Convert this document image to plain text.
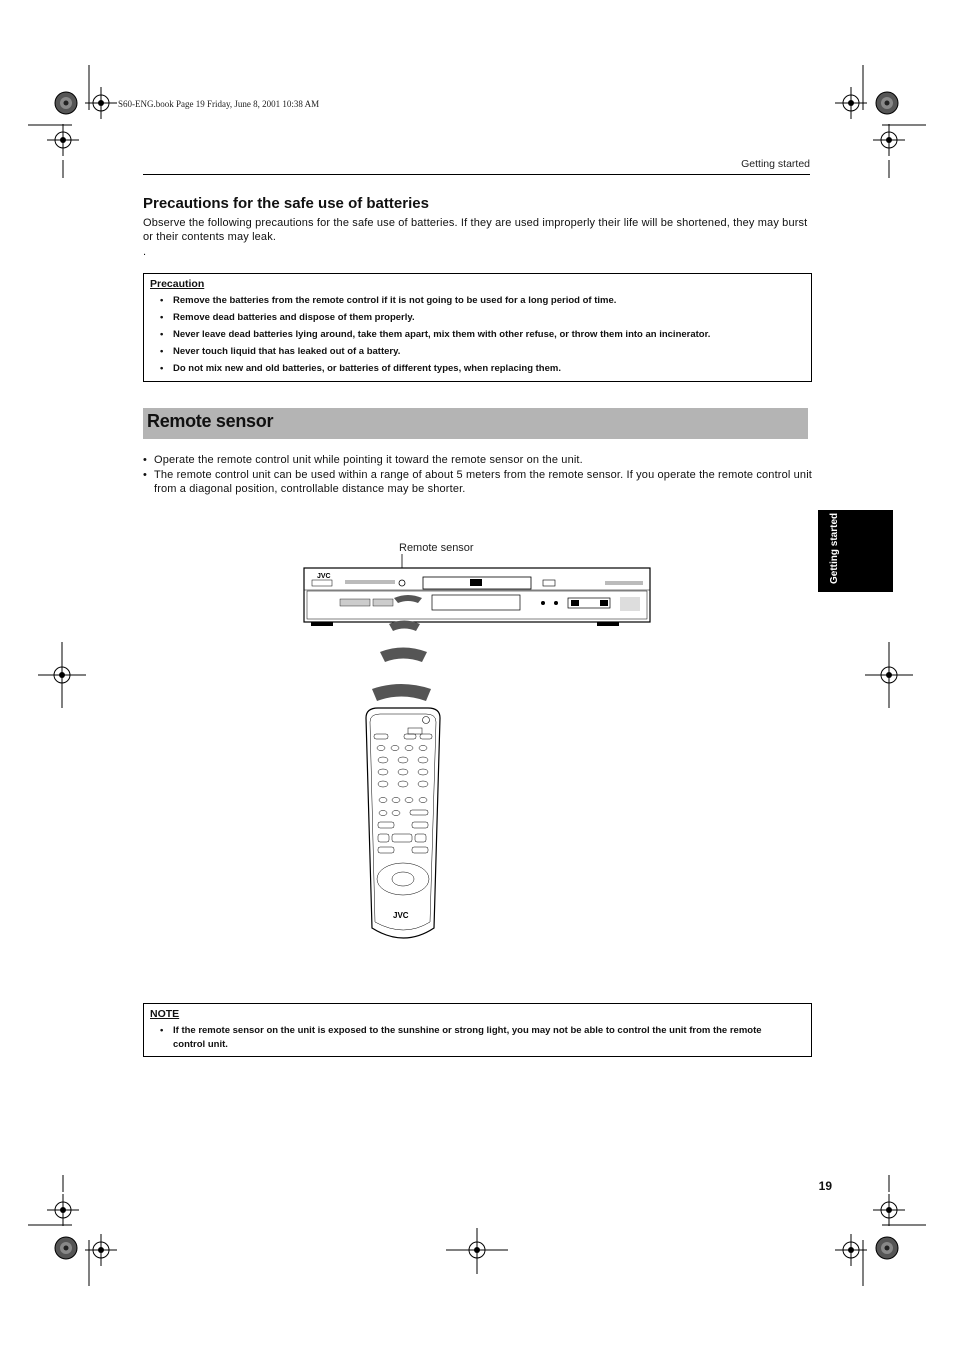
S60-ENG.book Page 19 Friday, June 8, 2001 10:38 AM
Getting started
Precautions for the safe use of batteries
Observe the following precautions for the safe use of batteries. If they are used improperly their life will be shortened, they may burst or their contents may leak.
.
Precaution
• Remove the batteries from the remote control if it is not going to be used for a long period of time.
• Remove dead batteries and dispose of them properly.
• Never leave dead batteries lying around, take them apart, mix them with other refuse, or throw them into an incinerator.
• Never touch liquid that has leaked out of a battery.
• Do not mix new and old batteries, or batteries of different types, when replacing them.
Remote sensor
• Operate the remote control unit while pointing it toward the remote sensor on the unit.
• The remote control unit can be used within a range of about 5 meters from the remote sensor. If you operate the remote control unit from a diagonal position, controllable distance may be shorter.
Getting started
Remote sensor
JVC
JVC
NOTE
• If the remote sensor on the unit is exposed to the sunshine or strong light, you may not be able to control the unit from the remote control unit.
19
